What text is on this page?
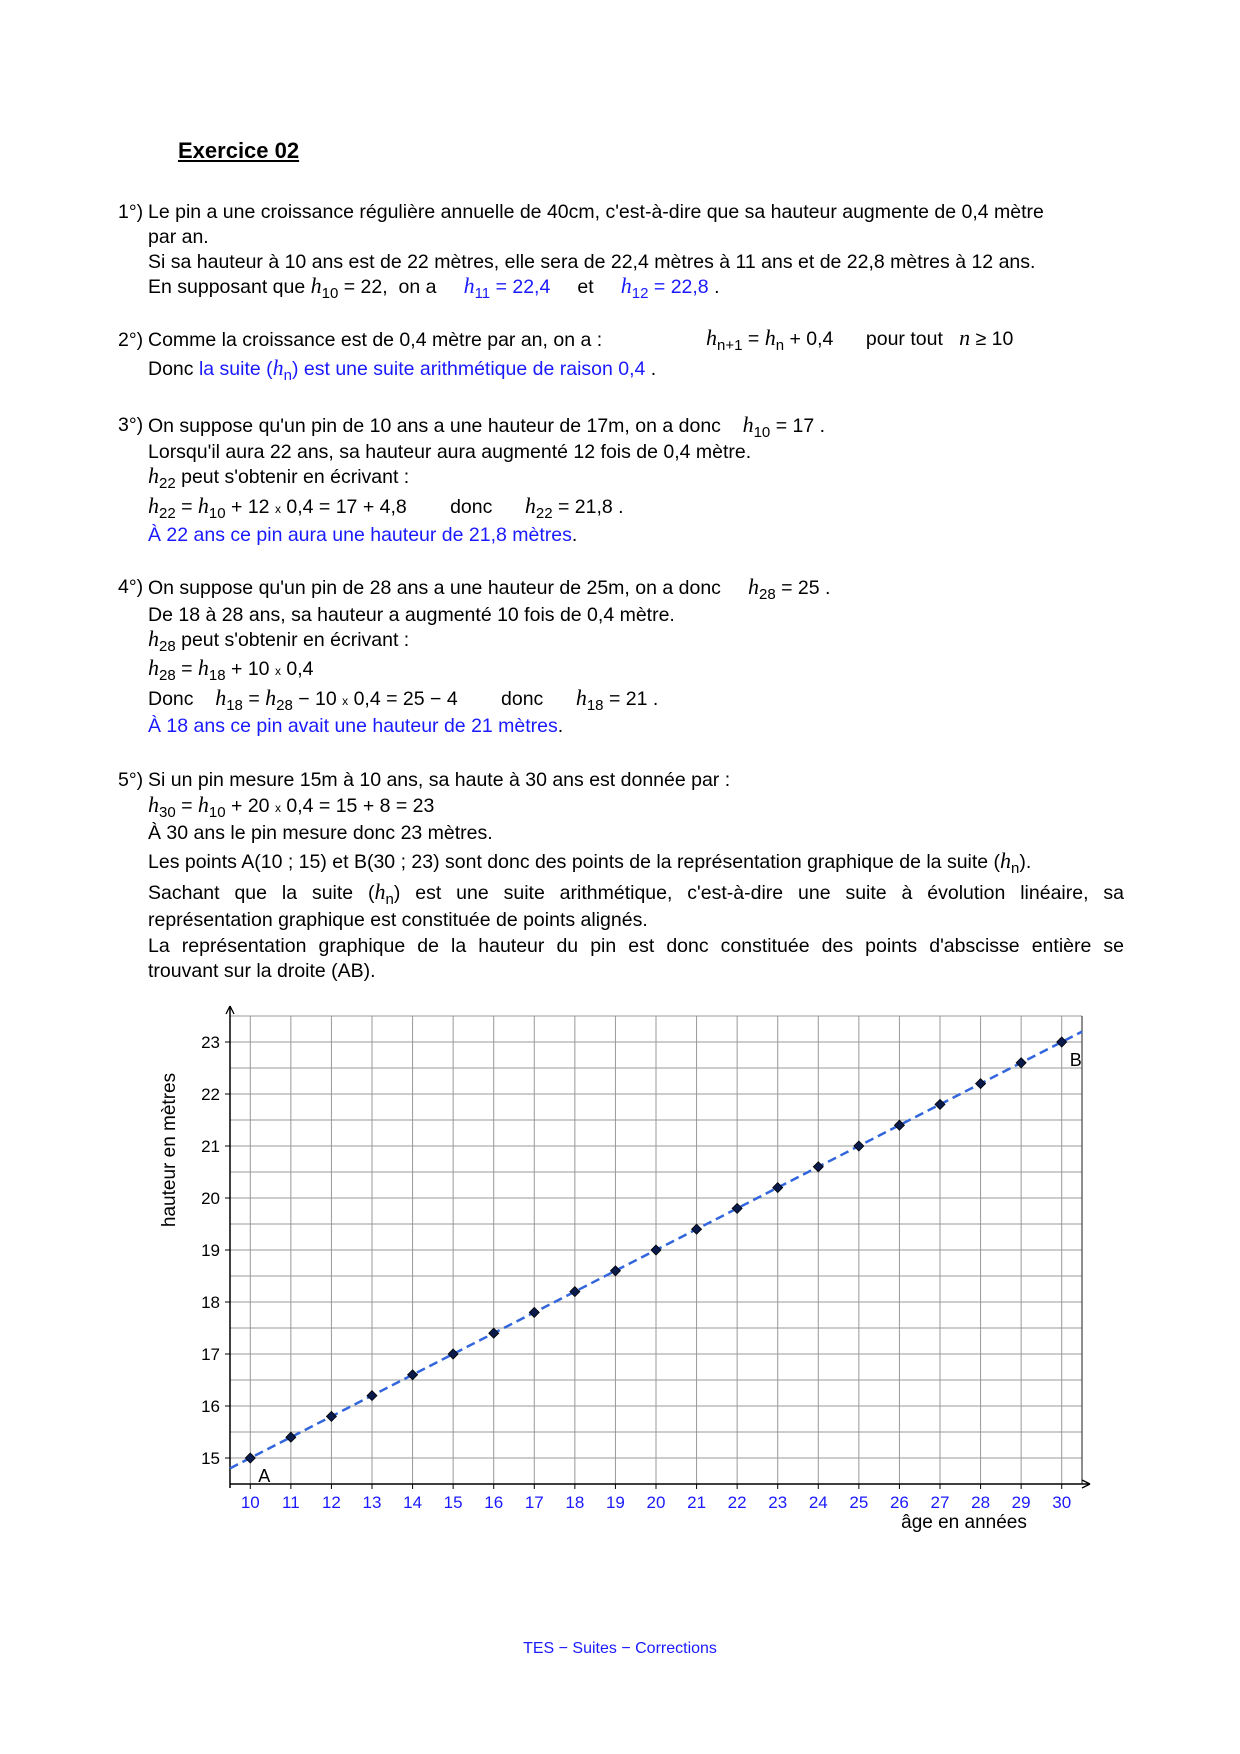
Exercice 02
1°) Le pin a une croissance régulière annuelle de 40cm, c'est-à-dire que sa hauteur augmente de 0,4 mètre
par an.
Si sa hauteur à 10 ans est de 22 mètres, elle sera de 22,4 mètres à 11 ans et de 22,8 mètres à 12 ans.
En supposant que $h_{10} = 22$, on a $h_{11} = 22,4$ et $h_{12} = 22,8$ .
2°) Comme la croissance est de 0,4 mètre par an, on a :	$h_{n+1} = h_n + 0,4$ pour tout n ≥ 10
Donc la suite $(h_n)$ est une suite arithmétique de raison 0,4 .
3°) On suppose qu'un pin de 10 ans a une hauteur de 17m, on a donc $h_{10} = 17$ .
Lorsqu'il aura 22 ans, sa hauteur aura augmenté 12 fois de 0,4 mètre.
$h_{22}$ peut s'obtenir en écrivant :
$h_{22} = h_{10} + 12$ x 0,4 = 17 + 4,8 donc $h_{22} = 21,8$ .
À 22 ans ce pin aura une hauteur de 21,8 mètres.
4°) On suppose qu'un pin de 28 ans a une hauteur de 25m, on a donc $h_{28} = 25$ .
De 18 à 28 ans, sa hauteur a augmenté 10 fois de 0,4 mètre.
$h_{28}$ peut s'obtenir en écrivant :
$h_{28} = h_{18} + 10$ x 0,4
Donc $h_{18} = h_{28} - 10$ x 0,4 = 25 − 4 donc $h_{18} = 21$ .
À 18 ans ce pin avait une hauteur de 21 mètres.
5°) Si un pin mesure 15m à 10 ans, sa haute à 30 ans est donnée par :
$h_{30} = h_{10} + 20$ x 0,4 = 15 + 8 = 23
À 30 ans le pin mesure donc 23 mètres.
Les points A(10 ; 15) et B(30 ; 23) sont donc des points de la représentation graphique de la suite $(h_n)$.
Sachant que la suite $(h_n)$ est une suite arithmétique, c'est-à-dire une suite à évolution linéaire, sa
représentation graphique est constituée de points alignés.
La représentation graphique de la hauteur du pin est donc constituée des points d'abscisse entière se
trouvant sur la droite (AB).
10 11 12 13 14 15 16 17 18 19 20 21 22 23 24 25 26 27 28 29 30
15
16
17
18
19
20
21
22
23
A
B
hauteur en mètres
âge en années
TES − Suites − Corrections
